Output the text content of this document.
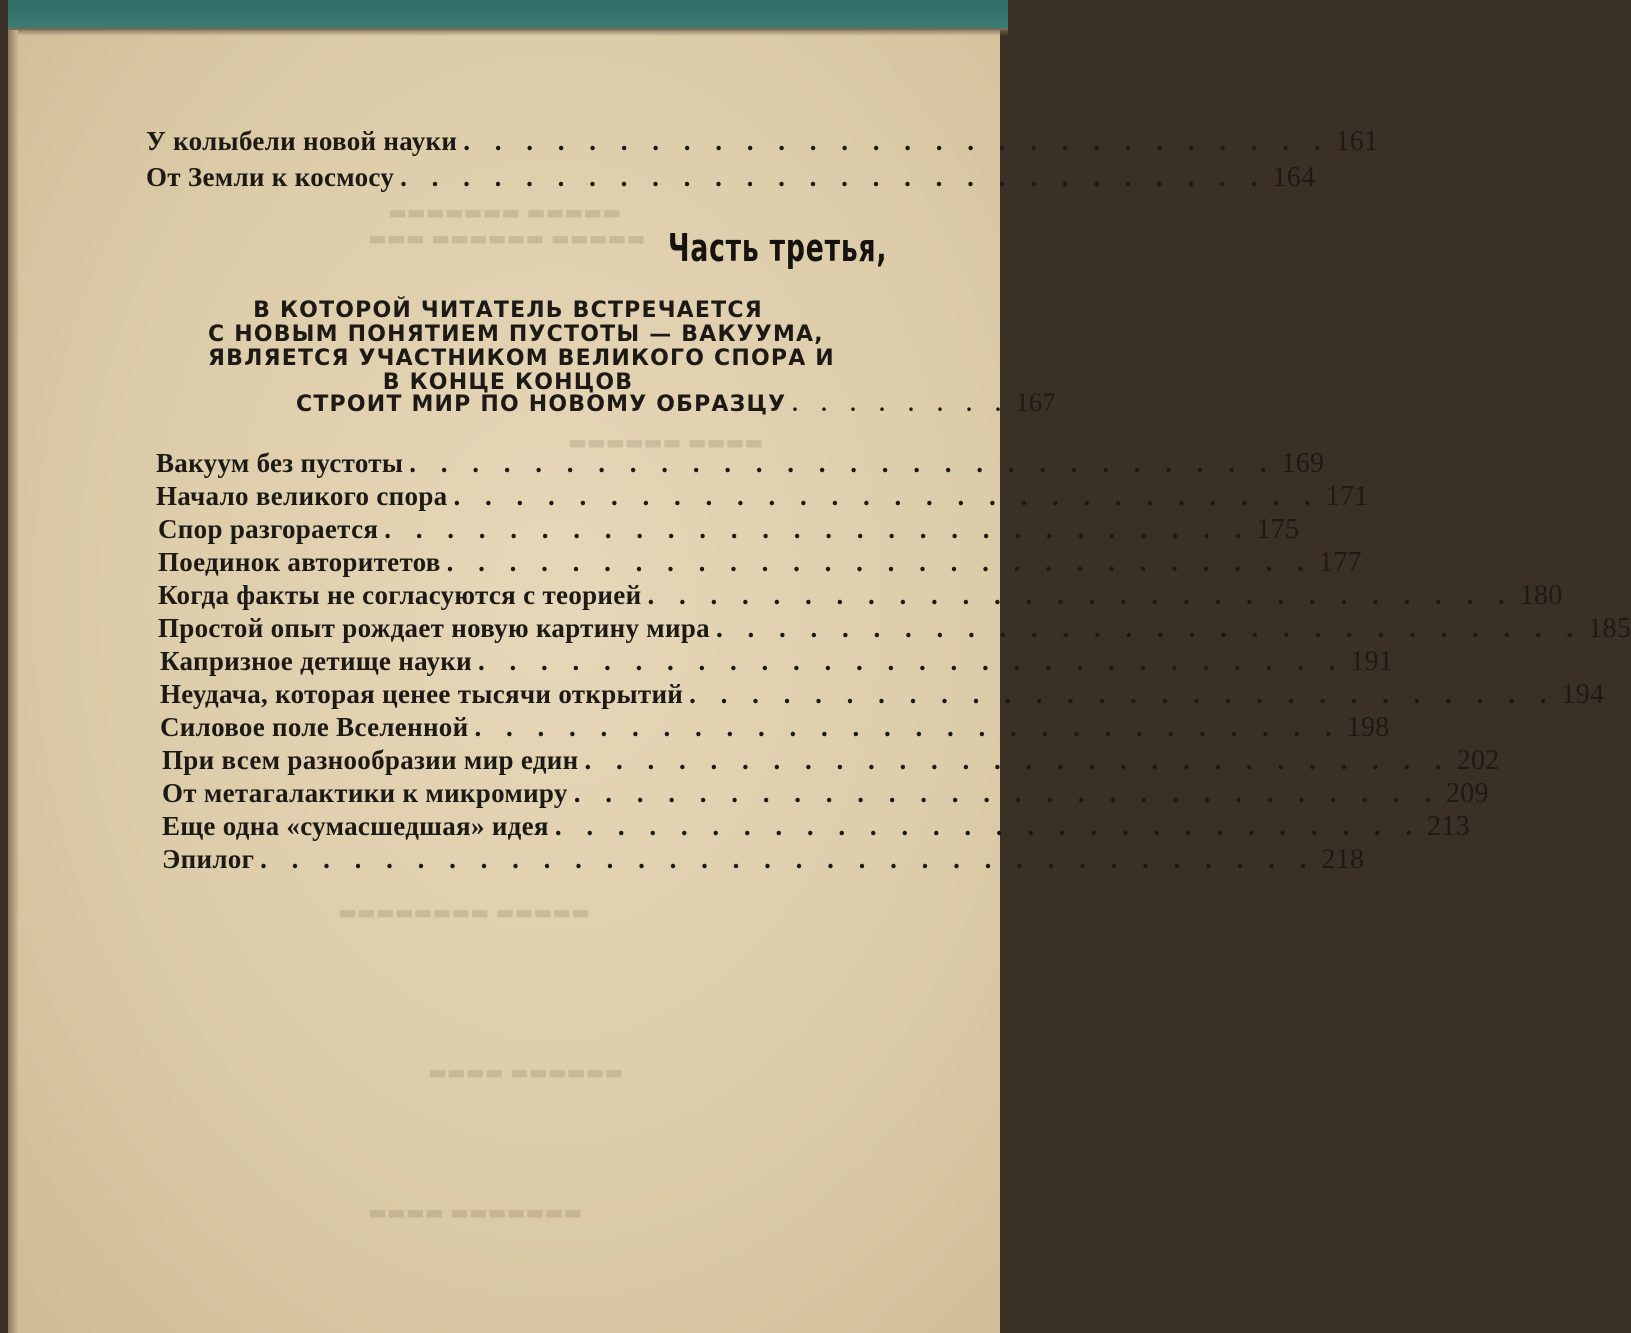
▬▬▬▬▬ ▬▬▬▬▬▬▬
▬▬▬▬▬ ▬▬▬▬▬▬ ▬▬▬
▬▬▬▬ ▬▬▬▬▬▬
▬▬▬▬▬ ▬▬▬▬▬▬▬▬
▬▬▬▬▬▬ ▬▬▬▬
▬▬▬▬▬▬▬ ▬▬▬▬
У колыбели новой науки . . . . . . . . . . . . . . . . . . . . . . . . . . . . 161
От Земли к космосу . . . . . . . . . . . . . . . . . . . . . . . . . . . . 164
Часть третья,
В КОТОРОЙ ЧИТАТЕЛЬ ВСТРЕЧАЕТСЯ
С НОВЫМ ПОНЯТИЕМ ПУСТОТЫ — ВАКУУМА,
ЯВЛЯЕТСЯ УЧАСТНИКОМ ВЕЛИКОГО СПОРА И
В КОНЦЕ КОНЦОВ
СТРОИТ МИР ПО НОВОМУ ОБРАЗЦУ . . . . . . . . 167
Вакуум без пустоты . . . . . . . . . . . . . . . . . . . . . . . . . . . . 169
Начало великого спора . . . . . . . . . . . . . . . . . . . . . . . . . . . . 171
Спор разгорается . . . . . . . . . . . . . . . . . . . . . . . . . . . . 175
Поединок авторитетов . . . . . . . . . . . . . . . . . . . . . . . . . . . . 177
Когда факты не согласуются с теорией . . . . . . . . . . . . . . . . . . . . . . . . . . . . 180
Простой опыт рождает новую картину мира . . . . . . . . . . . . . . . . . . . . . . . . . . . . 185
Капризное детище науки . . . . . . . . . . . . . . . . . . . . . . . . . . . . 191
Неудача, которая ценее тысячи открытий . . . . . . . . . . . . . . . . . . . . . . . . . . . . 194
Силовое поле Вселенной . . . . . . . . . . . . . . . . . . . . . . . . . . . . 198
При всем разнообразии мир един . . . . . . . . . . . . . . . . . . . . . . . . . . . . 202
От метагалактики к микромиру . . . . . . . . . . . . . . . . . . . . . . . . . . . . 209
Еще одна «сумасшедшая» идея . . . . . . . . . . . . . . . . . . . . . . . . . . . . 213
Эпилог . . . . . . . . . . . . . . . . . . . . . . . . . . . . . . . . . . 218
